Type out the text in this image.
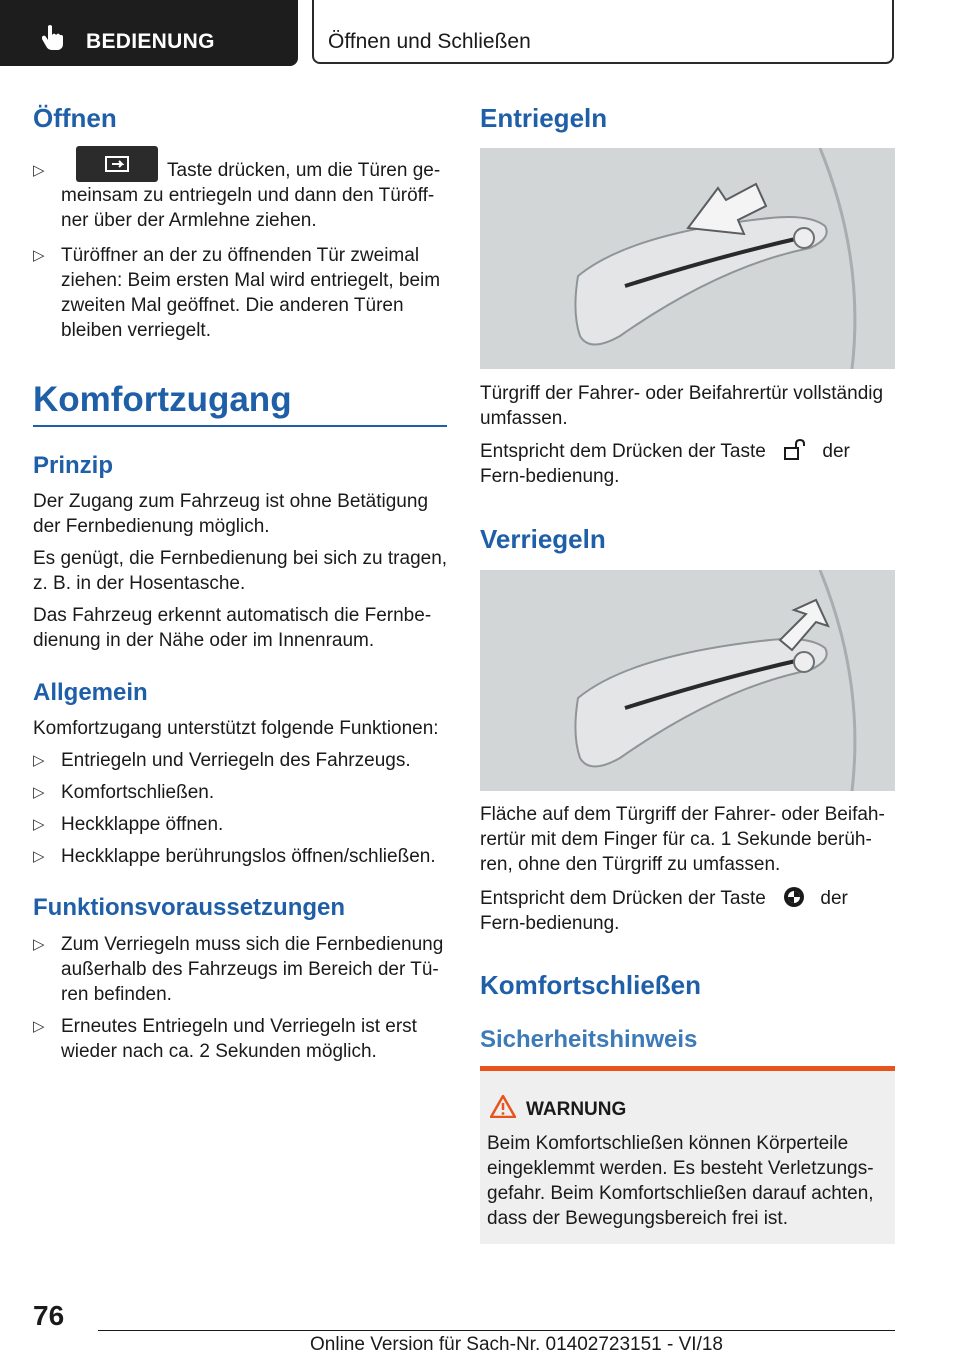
BEDIENUNG	Öffnen und Schließen
Öffnen
▷	Taste drücken, um die Türen ge-meinsam zu entriegeln und dann den Türöff-ner über der Armlehne ziehen.
▷ Türöffner an der zu öffnenden Tür zweimal ziehen: Beim ersten Mal wird entriegelt, beim zweiten Mal geöffnet. Die anderen Türen bleiben verriegelt.
Komfortzugang
Prinzip

Der Zugang zum Fahrzeug ist ohne Betätigung der Fernbedienung möglich.

Es genügt, die Fernbedienung bei sich zu tragen, z. B. in der Hosentasche.

Das Fahrzeug erkennt automatisch die Fernbe-dienung in der Nähe oder im Innenraum.

Allgemein

Komfortzugang unterstützt folgende Funktionen:

▷ Entriegeln und Verriegeln des Fahrzeugs.
▷ Komfortschließen.
▷ Heckklappe öffnen.
▷ Heckklappe berührungslos öffnen/schließen.
Funktionsvoraussetzungen
▷ Zum Verriegeln muss sich die Fernbedienung außerhalb des Fahrzeugs im Bereich der Tü-ren befinden.
▷ Erneutes Entriegeln und Verriegeln ist erst wieder nach ca. 2 Sekunden möglich.
Entriegeln

Türgriff der Fahrer- oder Beifahrertür vollständig umfassen.

Entspricht dem Drücken der Taste	der Fern-bedienung.
Verriegeln

Fläche auf dem Türgriff der Fahrer- oder Beifah-rertür mit dem Finger für ca. 1 Sekunde berüh-ren, ohne den Türgriff zu umfassen.

Entspricht dem Drücken der Taste	der Fern-bedienung.
Komfortschließen
Sicherheitshinweis
WARNUNG

Beim Komfortschließen können Körperteile eingeklemmt werden. Es besteht Verletzungs-gefahr. Beim Komfortschließen darauf achten, dass der Bewegungsbereich frei ist.

76
Online Version für Sach-Nr. 01402723151 - VI/18
